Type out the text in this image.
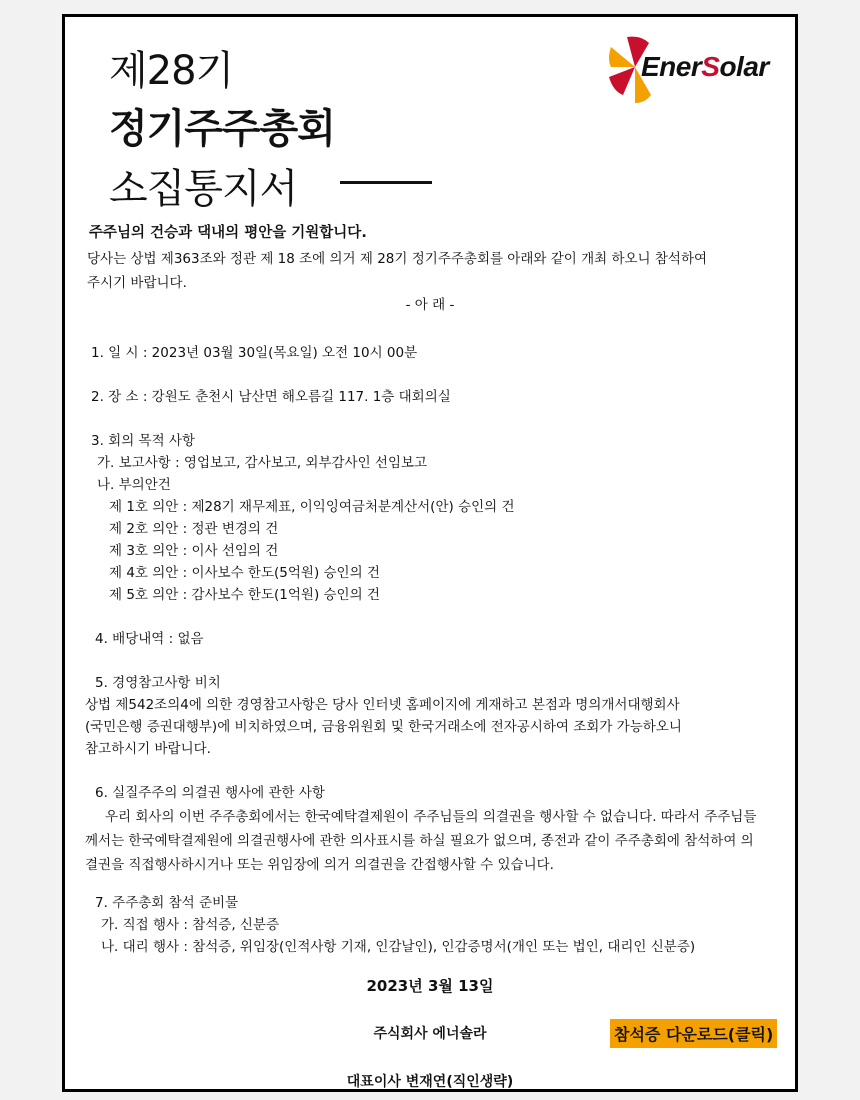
제28기
정기주주총회
소집통지서
EnerSolar
주주님의 건승과 댁내의 평안을 기원합니다.
당사는 상법 제363조와 정관 제 18 조에 의거 제 28기 정기주주총회를 아래와 같이 개최 하오니 참석하여
주시기 바랍니다.
- 아 래 -
1. 일 시 : 2023년 03월 30일(목요일) 오전 10시 00분
2. 장 소 : 강원도 춘천시 남산면 해오름길 117. 1층 대회의실
3. 회의 목적 사항
가. 보고사항 : 영업보고, 감사보고, 외부감사인 선임보고
나. 부의안건
제 1호 의안 : 제28기 재무제표, 이익잉여금처분계산서(안) 승인의 건
제 2호 의안 : 정관 변경의 건
제 3호 의안 : 이사 선임의 건
제 4호 의안 : 이사보수 한도(5억원) 승인의 건
제 5호 의안 : 감사보수 한도(1억원) 승인의 건
4. 배당내역 : 없음
5. 경영참고사항 비치
상법 제542조의4에 의한 경영참고사항은 당사 인터넷 홈페이지에 게재하고 본점과 명의개서대행회사
(국민은행 증권대행부)에 비치하였으며, 금융위원회 및 한국거래소에 전자공시하여 조회가 가능하오니
참고하시기 바랍니다.
6. 실질주주의 의결권 행사에 관한 사항
우리 회사의 이번 주주총회에서는 한국예탁결제원이 주주님들의 의결권을 행사할 수 없습니다. 따라서 주주님들
께서는 한국예탁결제원에 의결권행사에 관한 의사표시를 하실 필요가 없으며, 종전과 같이 주주총회에 참석하여 의
결권을 직접행사하시거나 또는 위임장에 의거 의결권을 간접행사할 수 있습니다.
7. 주주총회 참석 준비물
가. 직접 행사 : 참석증, 신분증
나. 대리 행사 : 참석증, 위임장(인적사항 기재, 인감날인), 인감증명서(개인 또는 법인, 대리인 신분증)
2023년 3월 13일
주식회사 에너솔라	참석증 다운로드(클릭)
대표이사 변재연(직인생략)
